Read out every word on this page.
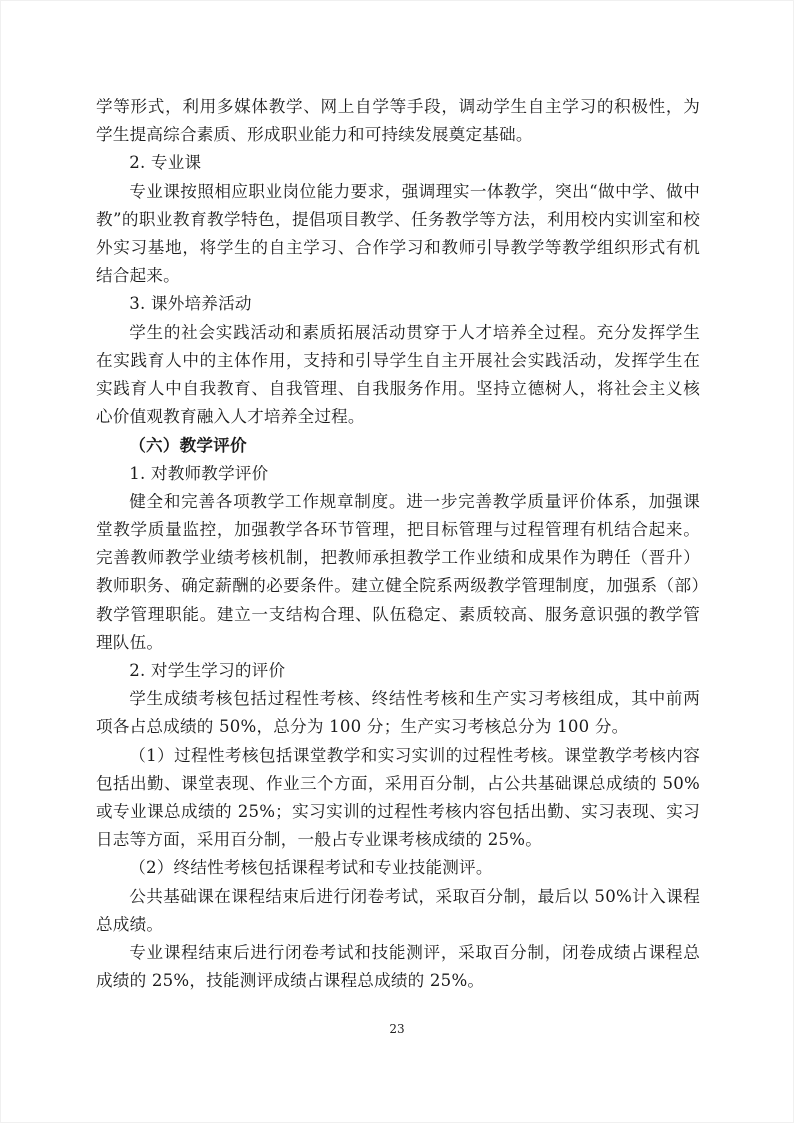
学等形式，利用多媒体教学、网上自学等手段，调动学生自主学习的积极性，为学生提高综合素质、形成职业能力和可持续发展奠定基础。

2. 专业课

专业课按照相应职业岗位能力要求，强调理实一体教学，突出“做中学、做中教”的职业教育教学特色，提倡项目教学、任务教学等方法，利用校内实训室和校外实习基地，将学生的自主学习、合作学习和教师引导教学等教学组织形式有机结合起来。

3. 课外培养活动

学生的社会实践活动和素质拓展活动贯穿于人才培养全过程。充分发挥学生在实践育人中的主体作用，支持和引导学生自主开展社会实践活动，发挥学生在实践育人中自我教育、自我管理、自我服务作用。坚持立德树人，将社会主义核心价值观教育融入人才培养全过程。

（六）教学评价

1. 对教师教学评价

健全和完善各项教学工作规章制度。进一步完善教学质量评价体系，加强课堂教学质量监控，加强教学各环节管理，把目标管理与过程管理有机结合起来。完善教师教学业绩考核机制，把教师承担教学工作业绩和成果作为聘任（晋升）教师职务、确定薪酬的必要条件。建立健全院系两级教学管理制度，加强系（部）教学管理职能。建立一支结构合理、队伍稳定、素质较高、服务意识强的教学管理队伍。

2. 对学生学习的评价

学生成绩考核包括过程性考核、终结性考核和生产实习考核组成，其中前两项各占总成绩的 50%，总分为 100 分；生产实习考核总分为 100 分。

（1）过程性考核包括课堂教学和实习实训的过程性考核。课堂教学考核内容包括出勤、课堂表现、作业三个方面，采用百分制，占公共基础课总成绩的 50%或专业课总成绩的 25%；实习实训的过程性考核内容包括出勤、实习表现、实习日志等方面，采用百分制，一般占专业课考核成绩的 25%。

（2）终结性考核包括课程考试和专业技能测评。

公共基础课在课程结束后进行闭卷考试，采取百分制，最后以 50%计入课程总成绩。

专业课程结束后进行闭卷考试和技能测评，采取百分制，闭卷成绩占课程总成绩的 25%，技能测评成绩占课程总成绩的 25%。

23
